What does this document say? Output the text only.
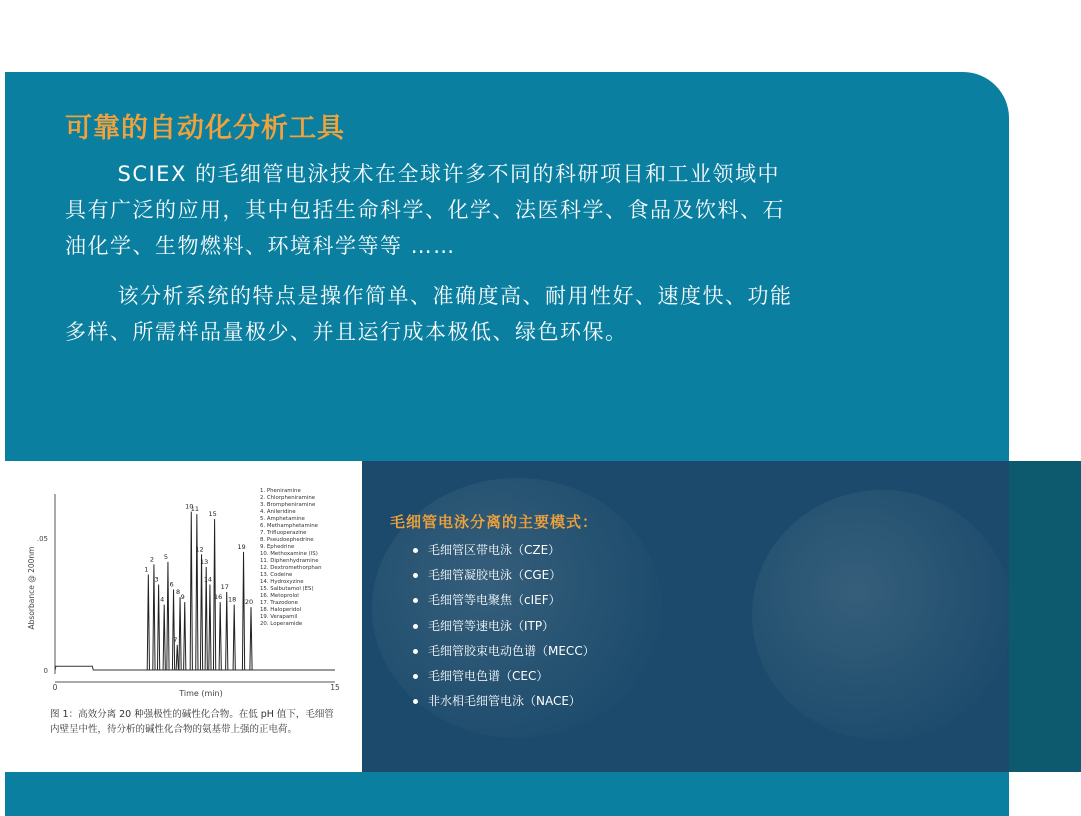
可靠的自动化分析工具

SCIEX 的毛细管电泳技术在全球许多不同的科研项目和工业领域中具有广泛的应用，其中包括生命科学、化学、法医科学、食品及饮料、石油化学、生物燃料、环境科学等等 ……

该分析系统的特点是操作简单、准确度高、耐用性好、速度快、功能多样、所需样品量极少、并且运行成本极低、绿色环保。

毛细管电泳分离的主要模式：
毛细管区带电泳（CZE）
毛细管凝胶电泳（CGE）
毛细管等电聚焦（cIEF）
毛细管等速电泳（ITP）
毛细管胶束电动色谱（MECC）
毛细管电色谱（CEC）
非水相毛细管电泳（NACE）
Absorbance @ 200nm
Time (min)
0	15
.05
0
1
2
3
4
5
6
7
8
9
10
11
12
13
14
15
16
17
18
19
20
1. Pheniramine
2. Chlorpheniramine
3. Brompheniramine
4. Anileridine
5. Amphetamine
6. Methamphetamine
7. Trifluoperazine
8. Pseudoephedrine
9. Ephedrine
10. Methoxamine (IS)
11. Diphenhydramine
12. Dextromethorphan
13. Codeine
14. Hydroxyzine
15. Salbutamol (ES)
16. Metoprolol
17. Trazodone
18. Haloperidol
19. Verapamil
20. Loperamide

图 1：高效分离 20 种强极性的碱性化合物。在低 pH 值下，毛细管内壁呈中性，待分析的碱性化合物的氨基带上强的正电荷。
